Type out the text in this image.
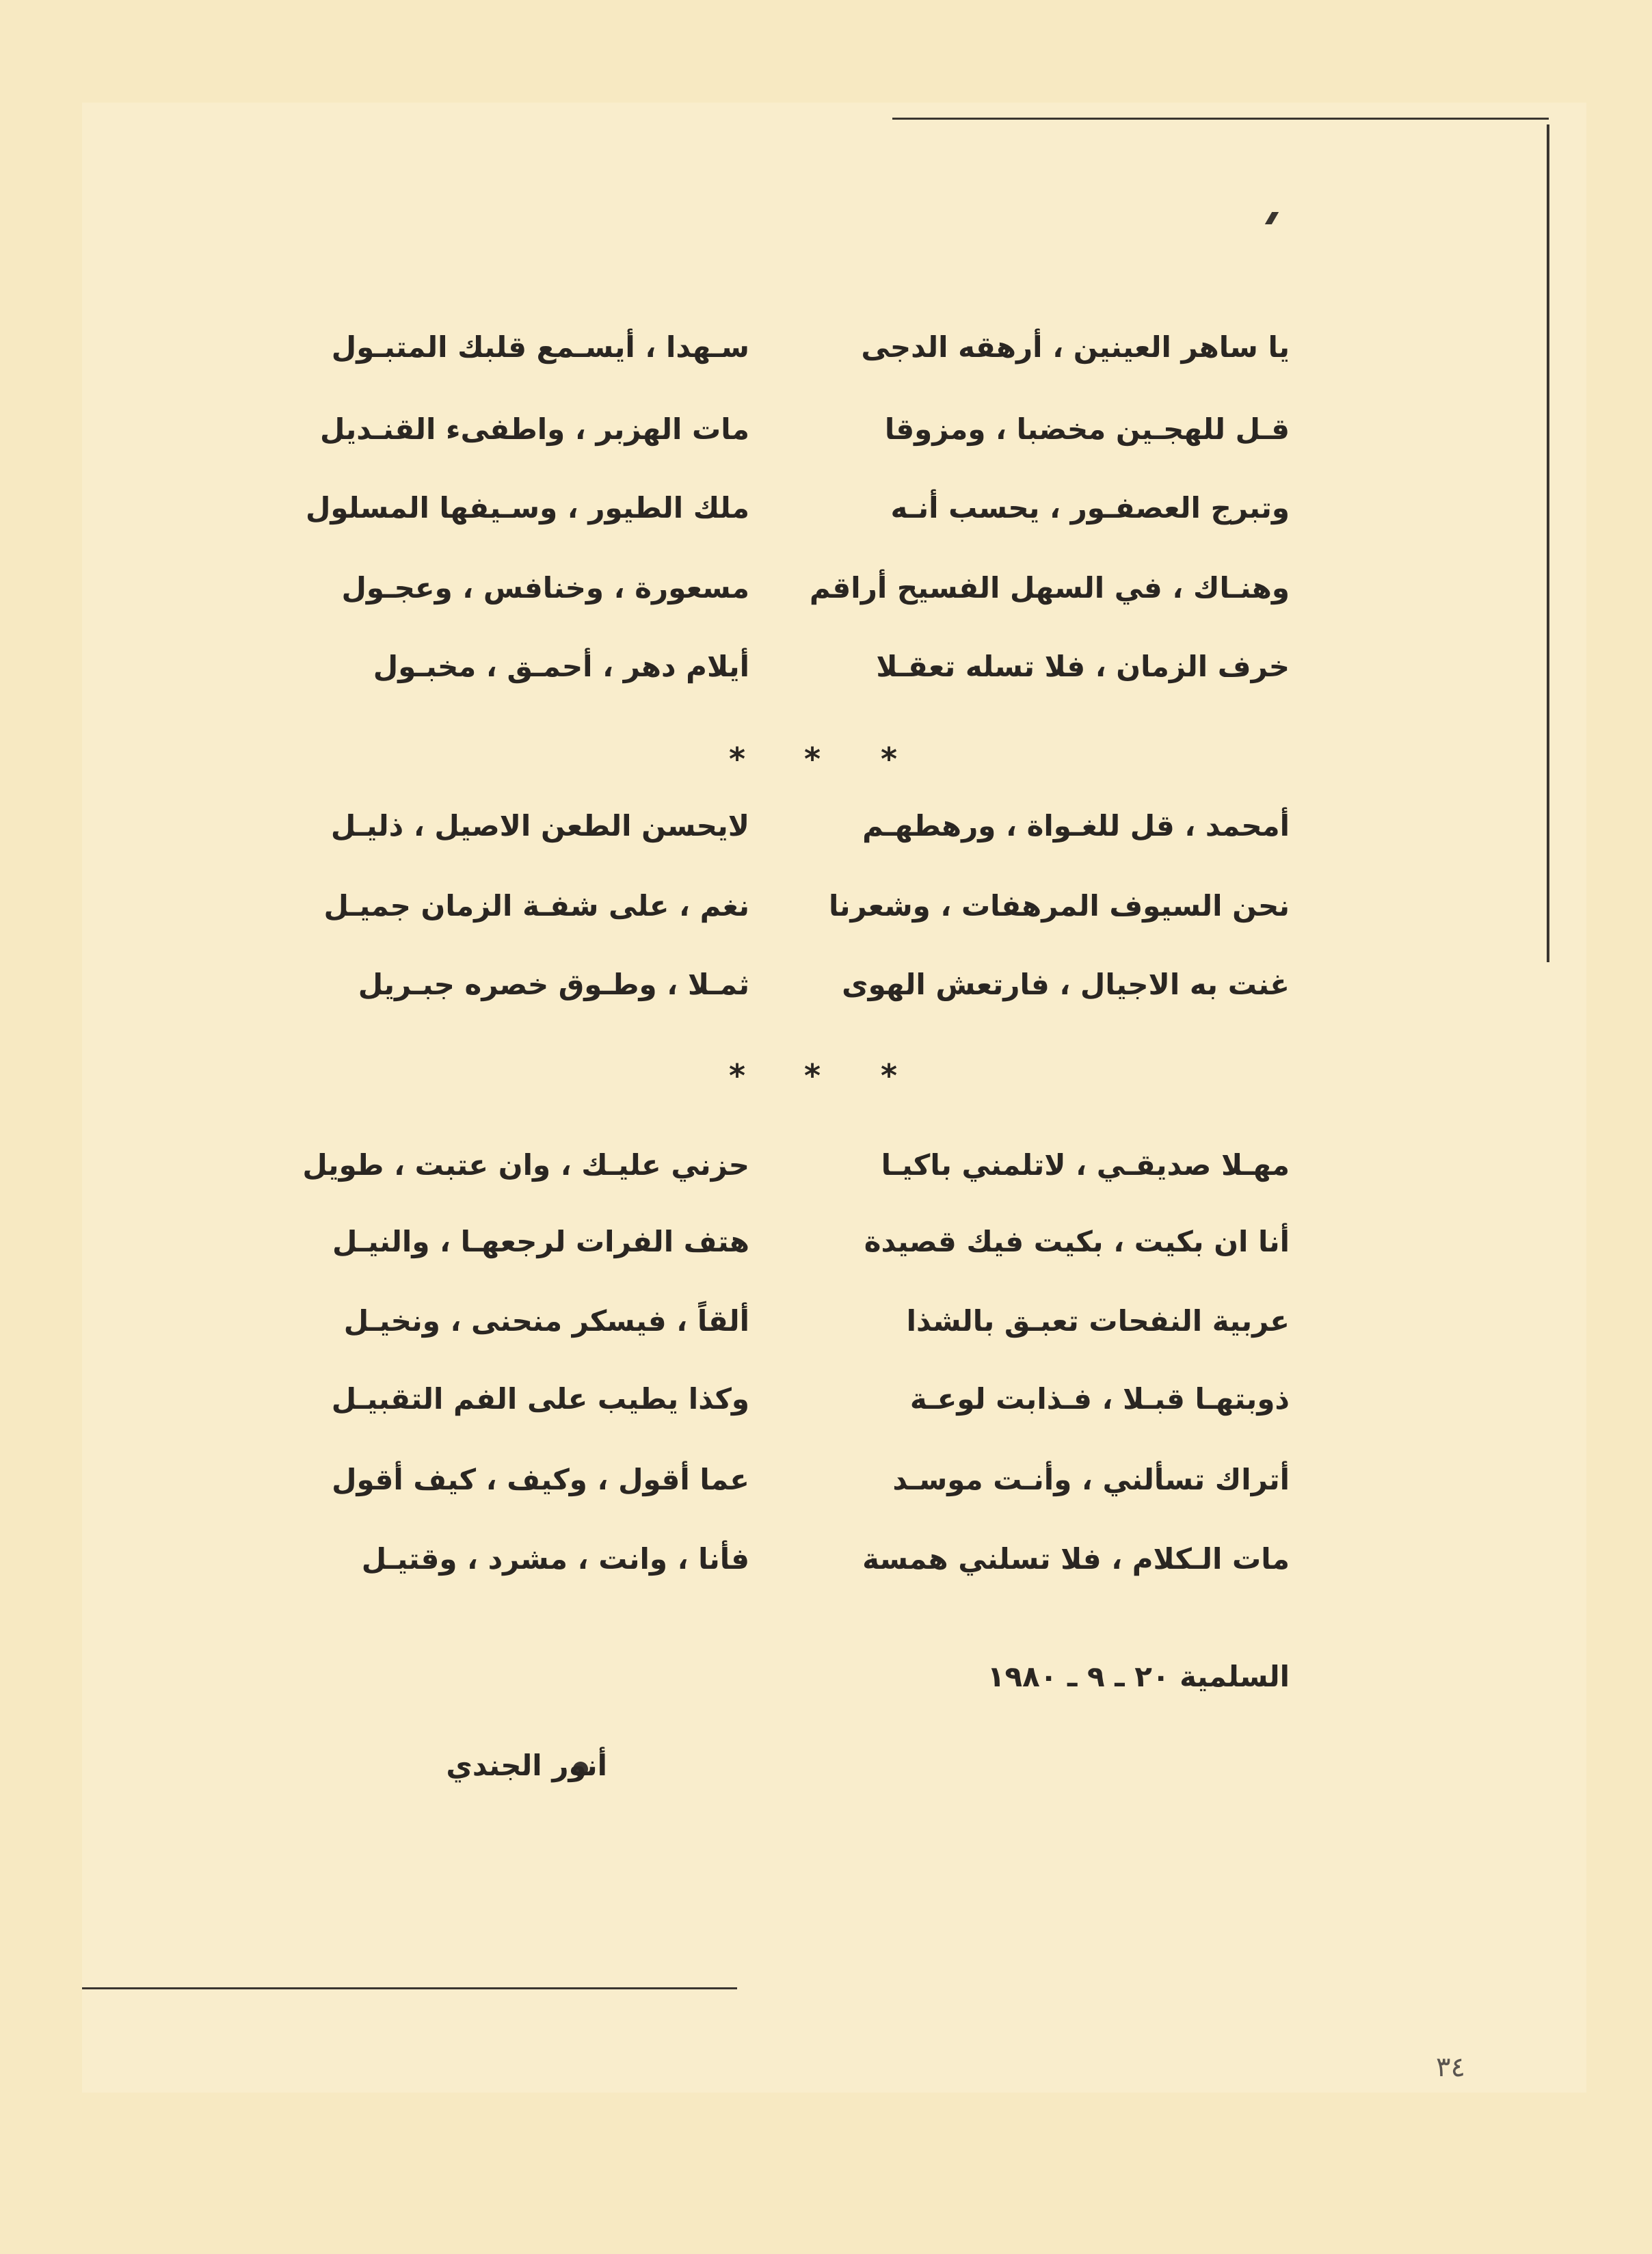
يا ساهر العينين ، أرهقه الدجى
قـل للهجـين مخضبا ، ومزوقا
وتبرج العصفـور ، يحسب أنـه
وهنـاك ، في السهل الفسيح أراقم
خرف الزمان ، فلا تسله تعقـلا
سـهدا ، أيسـمع قلبك المتبـول
مات الهزبر ، واطفىء القنـديل
ملك الطيور ، وسـيفها المسلول
مسعورة ، وخنافس ، وعجـول
أيلام دهر ، أحمـق ، مخبـول
*
*
*
أمحمد ، قل للغـواة ، ورهطهـم
نحن السيوف المرهفات ، وشعرنا
غنت به الاجيال ، فارتعش الهوى
لايحسن الطعن الاصيل ، ذليـل
نغم ، على شفـة الزمان جميـل
ثمـلا ، وطـوق خصره جبـريل
*
*
*
مهـلا صديقـي ، لاتلمني باكيـا
أنا ان بكيت ، بكيت فيك قصيدة
عربية النفحات تعبـق بالشذا
ذوبتهـا قبـلا ، فـذابت لوعـة
أتراك تسألني ، وأنـت موسـد
مات الـكلام ، فلا تسلني همسة
حزني عليـك ، وان عتبت ، طويل
هتف الفرات لرجعهـا ، والنيـل
ألقاً ، فيسكر منحنى ، ونخيـل
وكذا يطيب على الفم التقبيـل
عما أقول ، وكيف ، كيف أقول
فأنا ، وانت ، مشرد ، وقتيـل
السلمية ٢٠ ـ ٩ ـ ١٩٨٠
أنور الجندي
٣٤
